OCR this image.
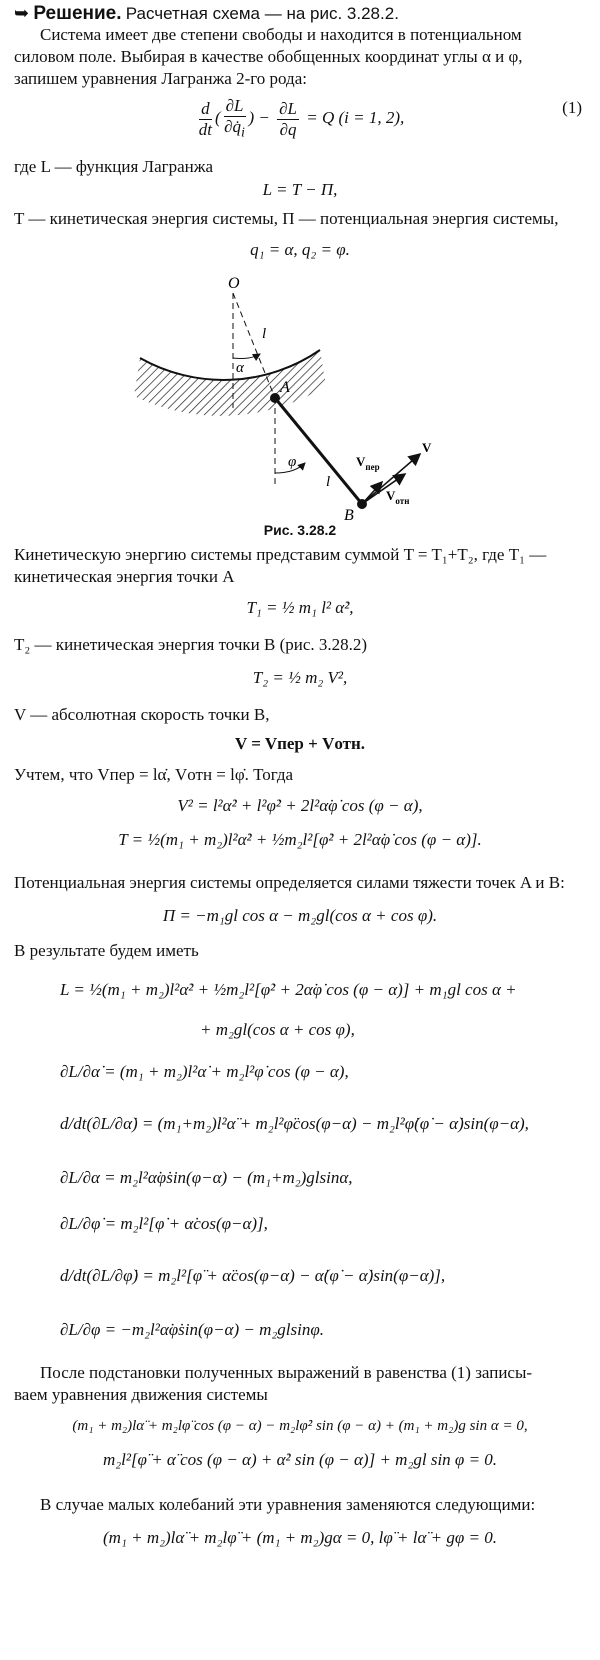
➥ Решение. Расчетная схема — на рис. 3.28.2.
Система имеет две степени свободы и находится в потенциальном
силовом поле. Выбирая в качестве обобщенных координат углы α и φ,
запишем уравнения Лагранжа 2-го рода:
$\frac{d}{dt}$ ( $\frac{\partial L}{\partial q̇_i}$ ) − $\frac{\partial L}{\partial q} = Q$ (i = 1, 2),
(1)
где L — функция Лагранжа
L = T − Π,
T — кинетическая энергия системы, Π — потенциальная энергия системы,
q₁ = α, q₂ = φ.
O
α
l
A
φ
l
B
$V_{пер}$
V
$V_{отн}$
Рис. 3.28.2
Кинетическую энергию системы представим суммой T = T₁+T₂, где T₁ —
кинетическая энергия точки A
T₁ = ½ m₁ l² α̇²,
T₂ — кинетическая энергия точки B (рис. 3.28.2)
T₂ = ½ m₂ V²,
V — абсолютная скорость точки B,
V = Vпер + Vотн.
Учтем, что Vпер = lα̇, Vотн = lφ̇. Тогда
V² = l²α̇² + l²φ̇² + 2l²α̇φ̇ cos (φ − α),
T = ½(m₁ + m₂)l²α̇² + ½m₂l²[φ̇² + 2l²α̇φ̇ cos (φ − α)].
Потенциальная энергия системы определяется силами тяжести точек A и B:
Π = −m₁gl cos α − m₂gl(cos α + cos φ).
В результате будем иметь
L = ½(m₁ + m₂)l²α̇² + ½m₂l²[φ̇² + 2α̇φ̇ cos (φ − α)] + m₁gl cos α +
+ m₂gl(cos α + cos φ),
∂L/∂α̇ = (m₁ + m₂)l²α̇ + m₂l²φ̇ cos (φ − α),
d/dt(∂L/∂α̇) = (m₁+m₂)l²α̈ + m₂l²φ̈cos(φ−α) − m₂l²φ̇(φ̇ − α̇)sin(φ−α),
∂L/∂α = m₂l²α̇φ̇sin(φ−α) − (m₁+m₂)glsinα,
∂L/∂φ̇ = m₂l²[φ̇ + α̇cos(φ−α)],
d/dt(∂L/∂φ̇) = m₂l²[φ̈ + α̈cos(φ−α) − α̇(φ̇ − α̇)sin(φ−α)],
∂L/∂φ = −m₂l²α̇φ̇sin(φ−α) − m₂glsinφ.
После подстановки полученных выражений в равенства (1) записы-
ваем уравнения движения системы
(m₁ + m₂)lα̈ + m₂lφ̈ cos (φ − α) − m₂lφ̇² sin (φ − α) + (m₁ + m₂)g sin α = 0,
m₂l²[φ̈ + α̈ cos (φ − α) + α̇² sin (φ − α)] + m₂gl sin φ = 0.
В случае малых колебаний эти уравнения заменяются следующими:
(m₁ + m₂)lα̈ + m₂lφ̈ + (m₁ + m₂)gα = 0, lφ̈ + lα̈ + gφ = 0.
